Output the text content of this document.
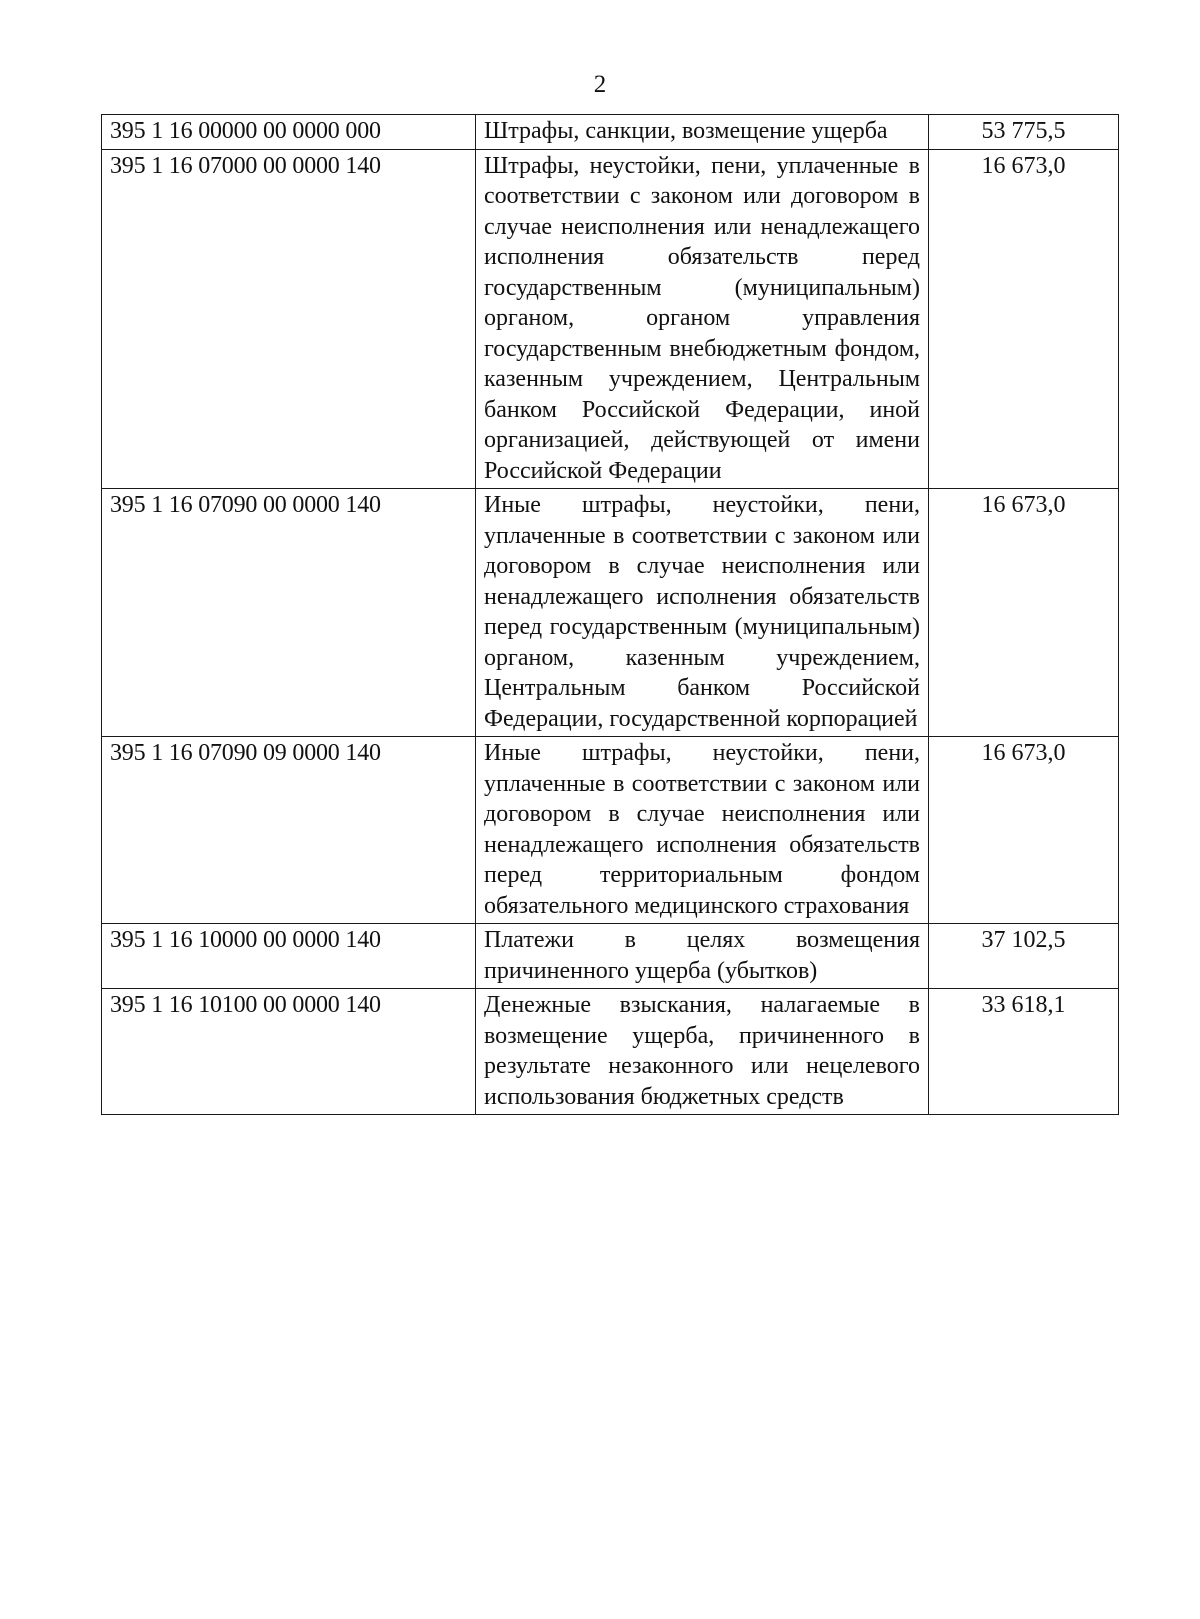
2
395 1 16 00000 00 0000 000	Штрафы, санкции, возмещение ущерба	53 775,5
395 1 16 07000 00 0000 140	Штрафы, неустойки, пени, уплаченные в соответствии с законом или договором в случае неисполнения или ненадлежащего исполнения обязательств перед государственным (муниципальным) органом, органом управления государственным внебюджетным фондом, казенным учреждением, Центральным банком Российской Федерации, иной организацией, действующей от имени Российской Федерации	16 673,0
395 1 16 07090 00 0000 140	Иные штрафы, неустойки, пени, уплаченные в соответствии с законом или договором в случае неисполнения или ненадлежащего исполнения обязательств перед государственным (муниципальным) органом, казенным учреждением, Центральным банком Российской Федерации, государственной корпорацией	16 673,0
395 1 16 07090 09 0000 140	Иные штрафы, неустойки, пени, уплаченные в соответствии с законом или договором в случае неисполнения или ненадлежащего исполнения обязательств перед территориальным фондом обязательного медицинского страхования	16 673,0
395 1 16 10000 00 0000 140	Платежи в целях возмещения причиненного ущерба (убытков)	37 102,5
395 1 16 10100 00 0000 140	Денежные взыскания, налагаемые в возмещение ущерба, причиненного в результате незаконного или нецелевого использования бюджетных средств	33 618,1
